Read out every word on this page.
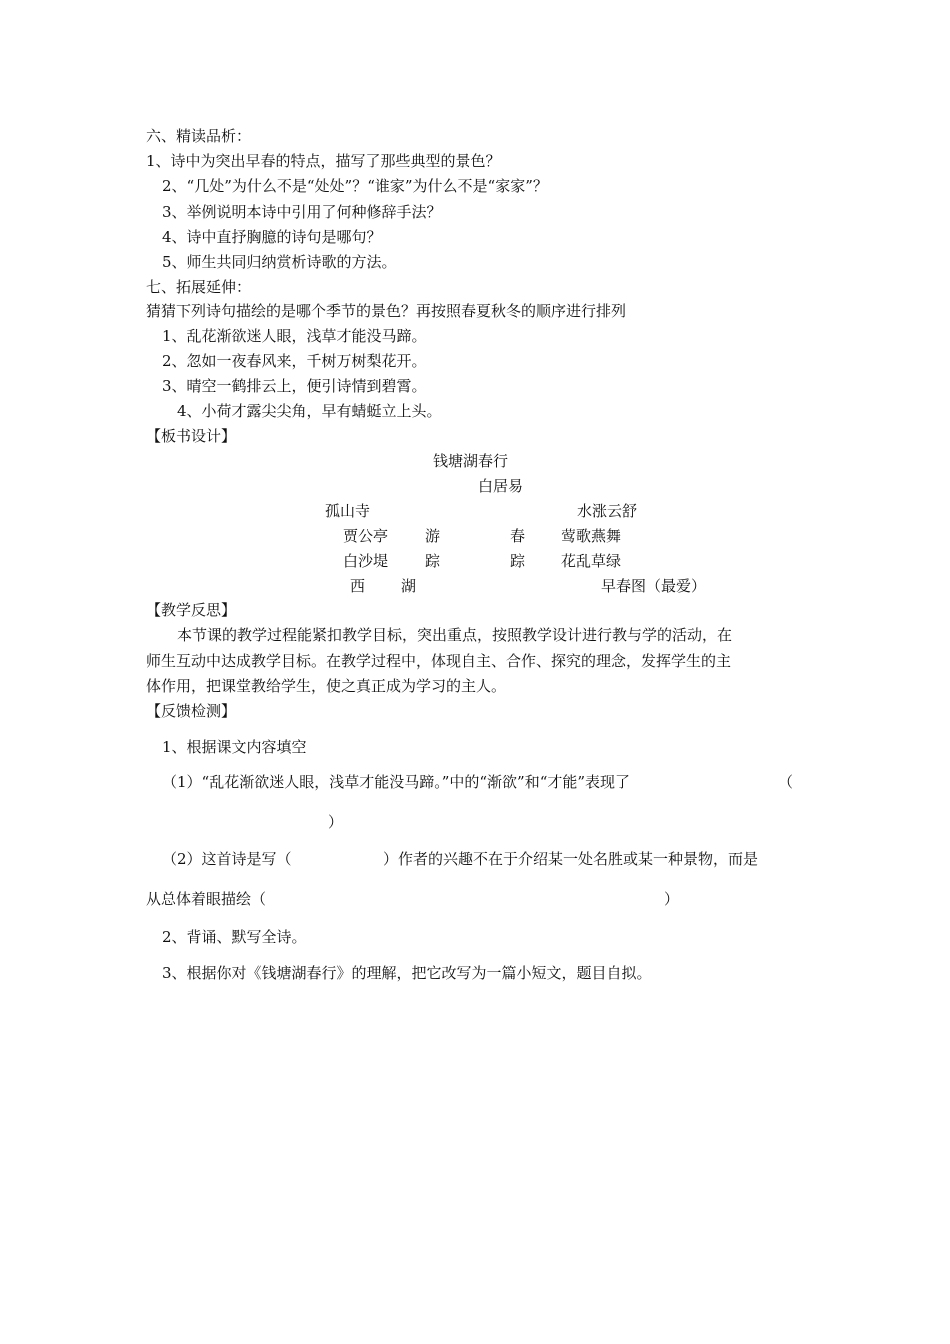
六、精读品析：
1、诗中为突出早春的特点，描写了那些典型的景色？
2、“几处”为什么不是“处处”？“谁家”为什么不是“家家”？
3、举例说明本诗中引用了何种修辞手法？
4、诗中直抒胸臆的诗句是哪句？
5、师生共同归纳赏析诗歌的方法。
七、拓展延伸：
猜猜下列诗句描绘的是哪个季节的景色？再按照春夏秋冬的顺序进行排列
1、乱花渐欲迷人眼，浅草才能没马蹄。
2、忽如一夜春风来，千树万树梨花开。
3、晴空一鹤排云上，便引诗情到碧霄。
4、小荷才露尖尖角，早有蜻蜓立上头。
【板书设计】
钱塘湖春行
白居易
孤山寺	水涨云舒
贾公亭 游	春 莺歌燕舞
白沙堤 踪	踪 花乱草绿
西 湖	早春图（最爱）
【教学反思】
本节课的教学过程能紧扣教学目标，突出重点，按照教学设计进行教与学的活动，在
师生互动中达成教学目标。在教学过程中，体现自主、合作、探究的理念，发挥学生的主
体作用，把课堂教给学生，使之真正成为学习的主人。
【反馈检测】
1、根据课文内容填空
（1）“乱花渐欲迷人眼，浅草才能没马蹄。”中的“渐欲”和“才能”表现了	（
）
（2）这首诗是写（	）作者的兴趣不在于介绍某一处名胜或某一种景物，而是
从总体着眼描绘（	）
2、背诵、默写全诗。
3、根据你对《钱塘湖春行》的理解，把它改写为一篇小短文，题目自拟。
